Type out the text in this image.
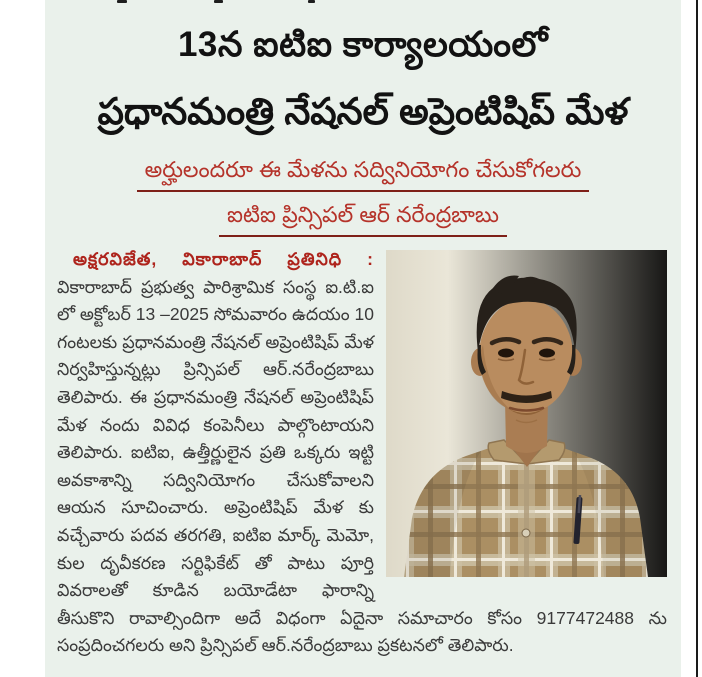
13న ఐటిఐ కార్యాలయంలో
ప్రధానమంత్రి నేషనల్ అప్రెంటిషిప్ మేళ
అర్హులందరూ ఈ మేళను సద్వినియోగం చేసుకోగలరు
ఐటిఐ ప్రిన్సిపల్ ఆర్ నరేంద్రబాబు

అక్షరవిజేత, వికారాబాద్ ప్రతినిధి : వికారాబాద్ ప్రభుత్వ పారిశ్రామిక సంస్థ ఐ.టి.ఐ లో అక్టోబర్ 13 –2025 సోమవారం ఉదయం 10 గంటలకు ప్రధానమంత్రి నేషనల్ అప్రెంటిషిప్ మేళ నిర్వహిస్తున్నట్లు ప్రిన్సిపల్ ఆర్.నరేంద్రబాబు తెలిపారు. ఈ ప్రధానమంత్రి నేషనల్ అప్రెంటిషిప్ మేళ నందు వివిధ కంపెనీలు పాల్గొంటాయని తెలిపారు. ఐటిఐ, ఉత్తీర్ణులైన ప్రతి ఒక్కరు ఇట్టి అవకాశాన్ని సద్వినియోగం చేసుకోవాలని ఆయన సూచించారు. అప్రెంటిషిప్ మేళ కు వచ్చేవారు పదవ తరగతి, ఐటిఐ మార్క్ మెమో, కుల దృవీకరణ సర్టిఫికేట్ తో పాటు పూర్తి వివరాలతో కూడిన బయోడేటా ఫారాన్ని తీసుకొని రావాల్సిందిగా అదే విధంగా ఏదైనా సమాచారం కోసం 9177472488 ను సంప్రదించగలరు అని ప్రిన్సిపల్ ఆర్.నరేంద్రబాబు ప్రకటనలో తెలిపారు.
